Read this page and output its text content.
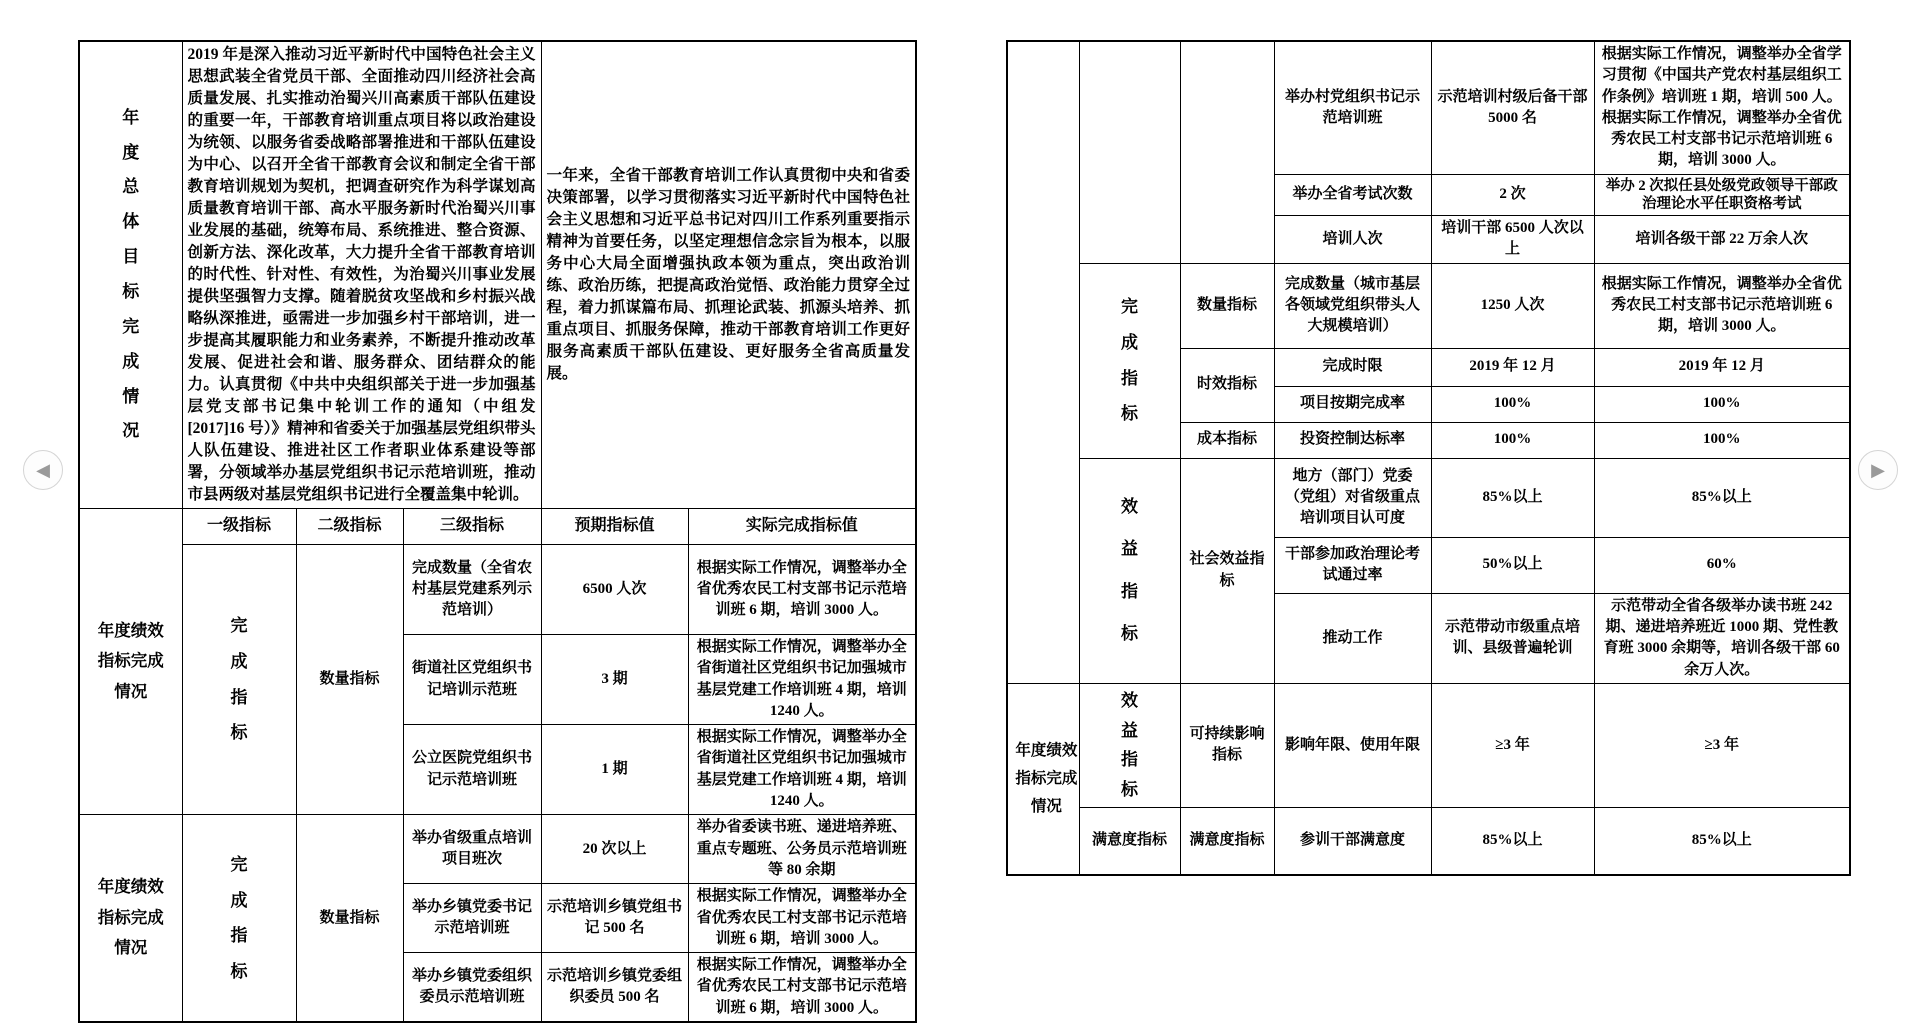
年度总体目标完成情况

2019 年是深入推动习近平新时代中国特色社会主义思想武装全省党员干部、全面推动四川经济社会高质量发展、扎实推动治蜀兴川高素质干部队伍建设的重要一年，干部教育培训重点项目将以政治建设为统领、以服务省委战略部署推进和干部队伍建设为中心、以召开全省干部教育会议和制定全省干部教育培训规划为契机，把调查研究作为科学谋划高质量教育培训干部、高水平服务新时代治蜀兴川事业发展的基础，统筹布局、系统推进、整合资源、创新方法、深化改革，大力提升全省干部教育培训的时代性、针对性、有效性，为治蜀兴川事业发展提供坚强智力支撑。随着脱贫攻坚战和乡村振兴战略纵深推进，亟需进一步加强乡村干部培训，进一步提高其履职能力和业务素养，不断提升推动改革发展、促进社会和谐、服务群众、团结群众的能力。认真贯彻《中共中央组织部关于进一步加强基层党支部书记集中轮训工作的通知（中组发[2017]16 号）》精神和省委关于加强基层党组织带头人队伍建设、推进社区工作者职业体系建设等部署，分领域举办基层党组织书记示范培训班，推动市县两级对基层党组织书记进行全覆盖集中轮训。

一年来，全省干部教育培训工作认真贯彻中央和省委决策部署，以学习贯彻落实习近平新时代中国特色社会主义思想和习近平总书记对四川工作系列重要指示精神为首要任务，以坚定理想信念宗旨为根本，以服务中心大局全面增强执政本领为重点，突出政治训练、政治历练，把提高政治觉悟、政治能力贯穿全过程，着力抓谋篇布局、抓理论武装、抓源头培养、抓重点项目、抓服务保障，推动干部教育培训工作更好服务高素质干部队伍建设、更好服务全省高质量发展。

年度绩效指标完成情况	一级指标	二级指标	三级指标	预期指标值	实际完成指标值

	完成指标	数量指标	完成数量（全省农村基层党建系列示范培训）	6500 人次	根据实际工作情况，调整举办全省优秀农民工村支部书记示范培训班 6 期，培训 3000 人。
			街道社区党组织书记培训示范班	3 期	根据实际工作情况，调整举办全省街道社区党组织书记加强城市基层党建工作培训班 4 期，培训 1240 人。
			公立医院党组织书记示范培训班	1 期	根据实际工作情况，调整举办全省街道社区党组织书记加强城市基层党建工作培训班 4 期，培训 1240 人。

年度绩效指标完成情况	完成指标	数量指标	举办省级重点培训项目班次	20 次以上	举办省委读书班、递进培养班、重点专题班、公务员示范培训班等 80 余期
			举办乡镇党委书记示范培训班	示范培训乡镇党组书记 500 名	根据实际工作情况，调整举办全省优秀农民工村支部书记示范培训班 6 期，培训 3000 人。
			举办乡镇党委组织委员示范培训班	示范培训乡镇党委组织委员 500 名	根据实际工作情况，调整举办全省优秀农民工村支部书记示范培训班 6 期，培训 3000 人。
			举办村党组织书记示范培训班	示范培训村级后备干部 5000 名	根据实际工作情况，调整举办全省学习贯彻《中国共产党农村基层组织工作条例》培训班 1 期，培训 500 人。根据实际工作情况，调整举办全省优秀农民工村支部书记示范培训班 6 期，培训 3000 人。
			举办全省考试次数	2 次	举办 2 次拟任县处级党政领导干部政治理论水平任职资格考试
			培训人次	培训干部 6500 人次以上	培训各级干部 22 万余人次

	完成指标	数量指标	完成数量（城市基层各领域党组织带头人大规模培训）	1250 人次	根据实际工作情况，调整举办全省优秀农民工村支部书记示范培训班 6 期，培训 3000 人。
		时效指标	完成时限	2019 年 12 月	2019 年 12 月
			项目按期完成率	100%	100%
		成本指标	投资控制达标率	100%	100%

	效益指标	社会效益指标	地方（部门）党委（党组）对省级重点培训项目认可度	85%以上	85%以上
			干部参加政治理论考试通过率	50%以上	60%
			推动工作	示范带动市级重点培训、县级普遍轮训	示范带动全省各级举办读书班 242 期、递进培养班近 1000 期、党性教育班 3000 余期等，培训各级干部 60 余万人次。

年度绩效指标完成情况	效益指标	可持续影响指标	影响年限、使用年限	≥3 年	≥3 年
	满意度指标	满意度指标	参训干部满意度	85%以上	85%以上
◀	▶
